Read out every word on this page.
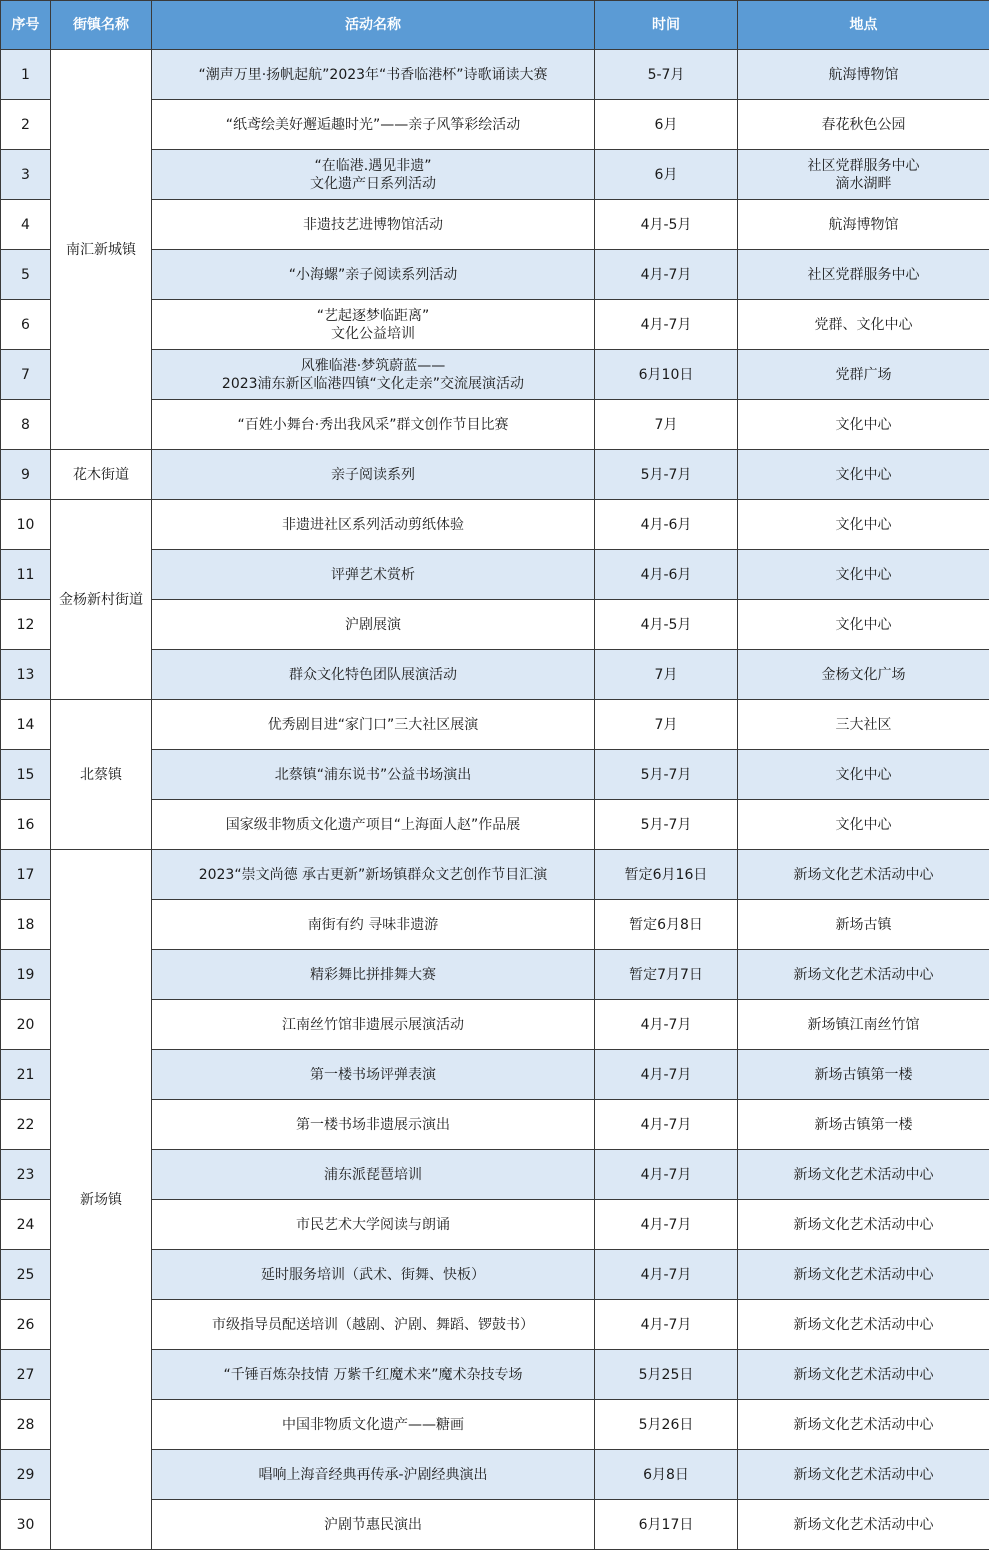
序号	街镇名称	活动名称	时间	地点
1	南汇新城镇	“潮声万里·扬帆起航”2023年“书香临港杯”诗歌诵读大赛	5-7月	航海博物馆

2		“纸鸢绘美好邂逅趣时光”——亲子风筝彩绘活动	6月	春花秋色公园

3		“在临港.遇见非遗”
文化遗产日系列活动	6月	社区党群服务中心
滴水湖畔

4		非遗技艺进博物馆活动	4月-5月	航海博物馆

5		“小海螺”亲子阅读系列活动	4月-7月	社区党群服务中心

6		“艺起逐梦临距离”
文化公益培训	4月-7月	党群、文化中心

7		风雅临港·梦筑蔚蓝——
2023浦东新区临港四镇“文化走亲”交流展演活动	6月10日	党群广场

8		“百姓小舞台·秀出我风采”群文创作节目比赛	7月	文化中心

9	花木街道	亲子阅读系列	5月-7月	文化中心

10	金杨新村街道	非遗进社区系列活动剪纸体验	4月-6月	文化中心

11		评弹艺术赏析	4月-6月	文化中心

12		沪剧展演	4月-5月	文化中心

13		群众文化特色团队展演活动	7月	金杨文化广场

14	北蔡镇	优秀剧目进“家门口”三大社区展演	7月	三大社区

15		北蔡镇“浦东说书”公益书场演出	5月-7月	文化中心

16		国家级非物质文化遗产项目“上海面人赵”作品展	5月-7月	文化中心

17	新场镇	2023“崇文尚德 承古更新”新场镇群众文艺创作节目汇演	暂定6月16日	新场文化艺术活动中心

18		南街有约 寻味非遗游	暂定6月8日	新场古镇

19		精彩舞比拼排舞大赛	暂定7月7日	新场文化艺术活动中心

20		江南丝竹馆非遗展示展演活动	4月-7月	新场镇江南丝竹馆

21		第一楼书场评弹表演	4月-7月	新场古镇第一楼

22		第一楼书场非遗展示演出	4月-7月	新场古镇第一楼

23		浦东派琵琶培训	4月-7月	新场文化艺术活动中心

24		市民艺术大学阅读与朗诵	4月-7月	新场文化艺术活动中心

25		延时服务培训（武术、街舞、快板）	4月-7月	新场文化艺术活动中心

26		市级指导员配送培训（越剧、沪剧、舞蹈、锣鼓书）	4月-7月	新场文化艺术活动中心

27		“千锤百炼杂技情 万紫千红魔术来”魔术杂技专场	5月25日	新场文化艺术活动中心

28		中国非物质文化遗产——糖画	5月26日	新场文化艺术活动中心

29		唱响上海音经典再传承-沪剧经典演出	6月8日	新场文化艺术活动中心

30		沪剧节惠民演出	6月17日	新场文化艺术活动中心
